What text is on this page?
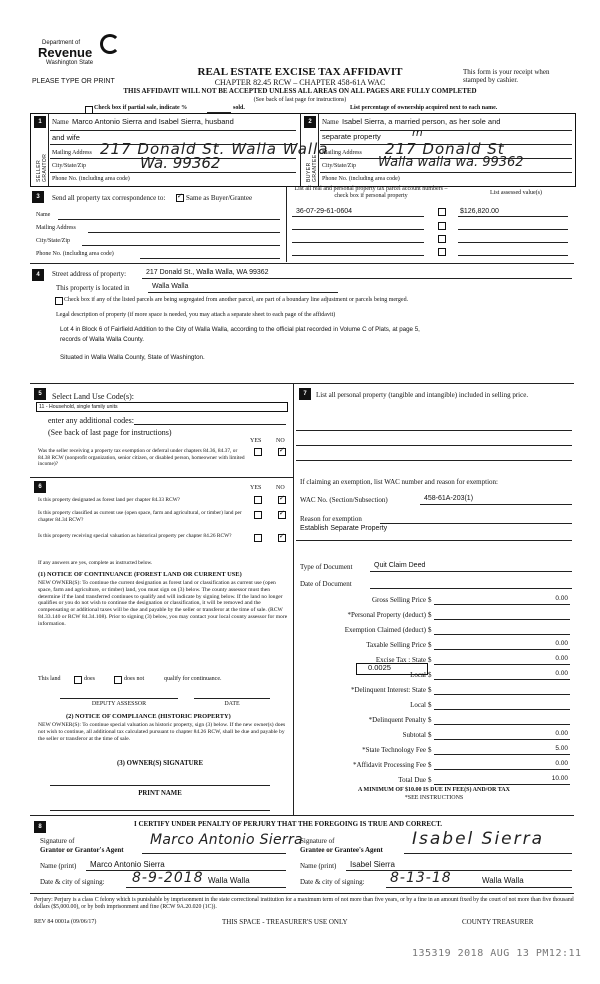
Department of
Revenue
Washington State
PLEASE TYPE OR PRINT
REAL ESTATE EXCISE TAX AFFIDAVIT
CHAPTER 82.45 RCW – CHAPTER 458-61A WAC
THIS AFFIDAVIT WILL NOT BE ACCEPTED UNLESS ALL AREAS ON ALL PAGES ARE FULLY COMPLETED
This form is your receipt when stamped by cashier.
(See back of last page for instructions)
Check box if partial sale, indicate %	sold.	List percentage of ownership acquired next to each name.
1
SELLER GRANTOR
Name Marco Antonio Sierra and Isabel Sierra, husband
and wife
Mailing Address 217 Donald St. Walla Walla
City/State/Zip	Wa. 99362
Phone No. (including area code)
2
BUYER GRANTEE
Name Isabel Sierra, a married person, as her sole and
separate property	m
Mailing Address 217 Donald St
City/State/Zip Walla walla wa. 99362
Phone No. (including area code)
3	Send all property tax correspondence to: ✓	Same as Buyer/Grantee
List all real and personal property tax parcel account numbers – check box if personal property	List assessed value(s)
Name
Mailing Address
City/State/Zip
Phone No. (including area code)
36-07-29-61-0604	$126,820.00
4	Street address of property:	217 Donald St., Walla Walla, WA 99362
This property is located in	Walla Walla
Check box if any of the listed parcels are being segregated from another parcel, are part of a boundary line adjustment or parcels being merged.
Legal description of property (if more space is needed, you may attach a separate sheet to each page of the affidavit)
Lot 4 in Block 6 of Fairfield Addition to the City of Walla Walla, according to the official plat recorded in Volume C of Plats, at page 5,
records of Walla Walla County.
Situated in Walla Walla County, State of Washington.
5	Select Land Use Code(s):
11 - Household, single family units
enter any additional codes:
(See back of last page for instructions)
YES NO
Was the seller receiving a property tax exemption or deferral under chapters 84.36, 84.37, or 84.38 RCW (nonprofit organization, senior citizen, or disabled person, homeowner with limited income)?
✓
6	YES NO
Is this property designated as forest land per chapter 84.33 RCW?
✓
Is this property classified as current use (open space, farm and agricultural, or timber) land per chapter 84.34 RCW?
✓
Is this property receiving special valuation as historical property per chapter 84.26 RCW?
✓
If any answers are yes, complete as instructed below.
(1) NOTICE OF CONTINUANCE (FOREST LAND OR CURRENT USE)
NEW OWNER(S): To continue the current designation as forest land or classification as current use (open space, farm and agriculture, or timber) land, you must sign on (3) below. The county assessor must then determine if the land transferred continues to qualify and will indicate by signing below. If the land no longer qualifies or you do not wish to continue the designation or classification, it will be removed and the compensating or additional taxes will be due and payable by the seller or transferor at the time of sale. (RCW 84.33.140 or RCW 84.34.108). Prior to signing (3) below, you may contact your local county assessor for more information.
This land	does	does not	qualify for continuance.
DEPUTY ASSESSOR	DATE
(2) NOTICE OF COMPLIANCE (HISTORIC PROPERTY)
NEW OWNER(S): To continue special valuation as historic property, sign (3) below. If the new owner(s) does not wish to continue, all additional tax calculated pursuant to chapter 84.26 RCW, shall be due and payable by the seller or transferor at the time of sale.
(3) OWNER(S) SIGNATURE
PRINT NAME
7	List all personal property (tangible and intangible) included in selling price.
If claiming an exemption, list WAC number and reason for exemption:
WAC No. (Section/Subsection)	458-61A-203(1)
Reason for exemption
Establish Separate Property
Type of Document	Quit Claim Deed
Date of Document
Gross Selling Price $	0.00
*Personal Property (deduct) $
Exemption Claimed (deduct) $
Taxable Selling Price $	0.00
Excise Tax : State $	0.00
Local $	0.00
*Delinquent Interest: State $
Local $
*Delinquent Penalty $
Subtotal $	0.00
*State Technology Fee $	5.00
*Affidavit Processing Fee $	0.00
Total Due $	10.00
0.0025
A MINIMUM OF $10.00 IS DUE IN FEE(S) AND/OR TAX
*SEE INSTRUCTIONS
8	I CERTIFY UNDER PENALTY OF PERJURY THAT THE FOREGOING IS TRUE AND CORRECT.
Signature of
Grantor or Grantor's Agent
Marco Antonio Sierra
Signature of
Grantee or Grantee's Agent
Isabel Sierra
Name (print) Marco Antonio Sierra	Name (print) Isabel Sierra
Date & city of signing: 8-9-2018 Walla Walla	Date & city of signing: 8-13-18	Walla Walla
Perjury: Perjury is a class C felony which is punishable by imprisonment in the state correctional institution for a maximum term of not more than five years, or by a fine in an amount fixed by the court of not more than five thousand dollars ($5,000.00), or by both imprisonment and fine (RCW 9A.20.020 (1C)).
REV 84 0001a (09/06/17)	THIS SPACE - TREASURER'S USE ONLY	COUNTY TREASURER
135319 2018 AUG 13 PM12:11
